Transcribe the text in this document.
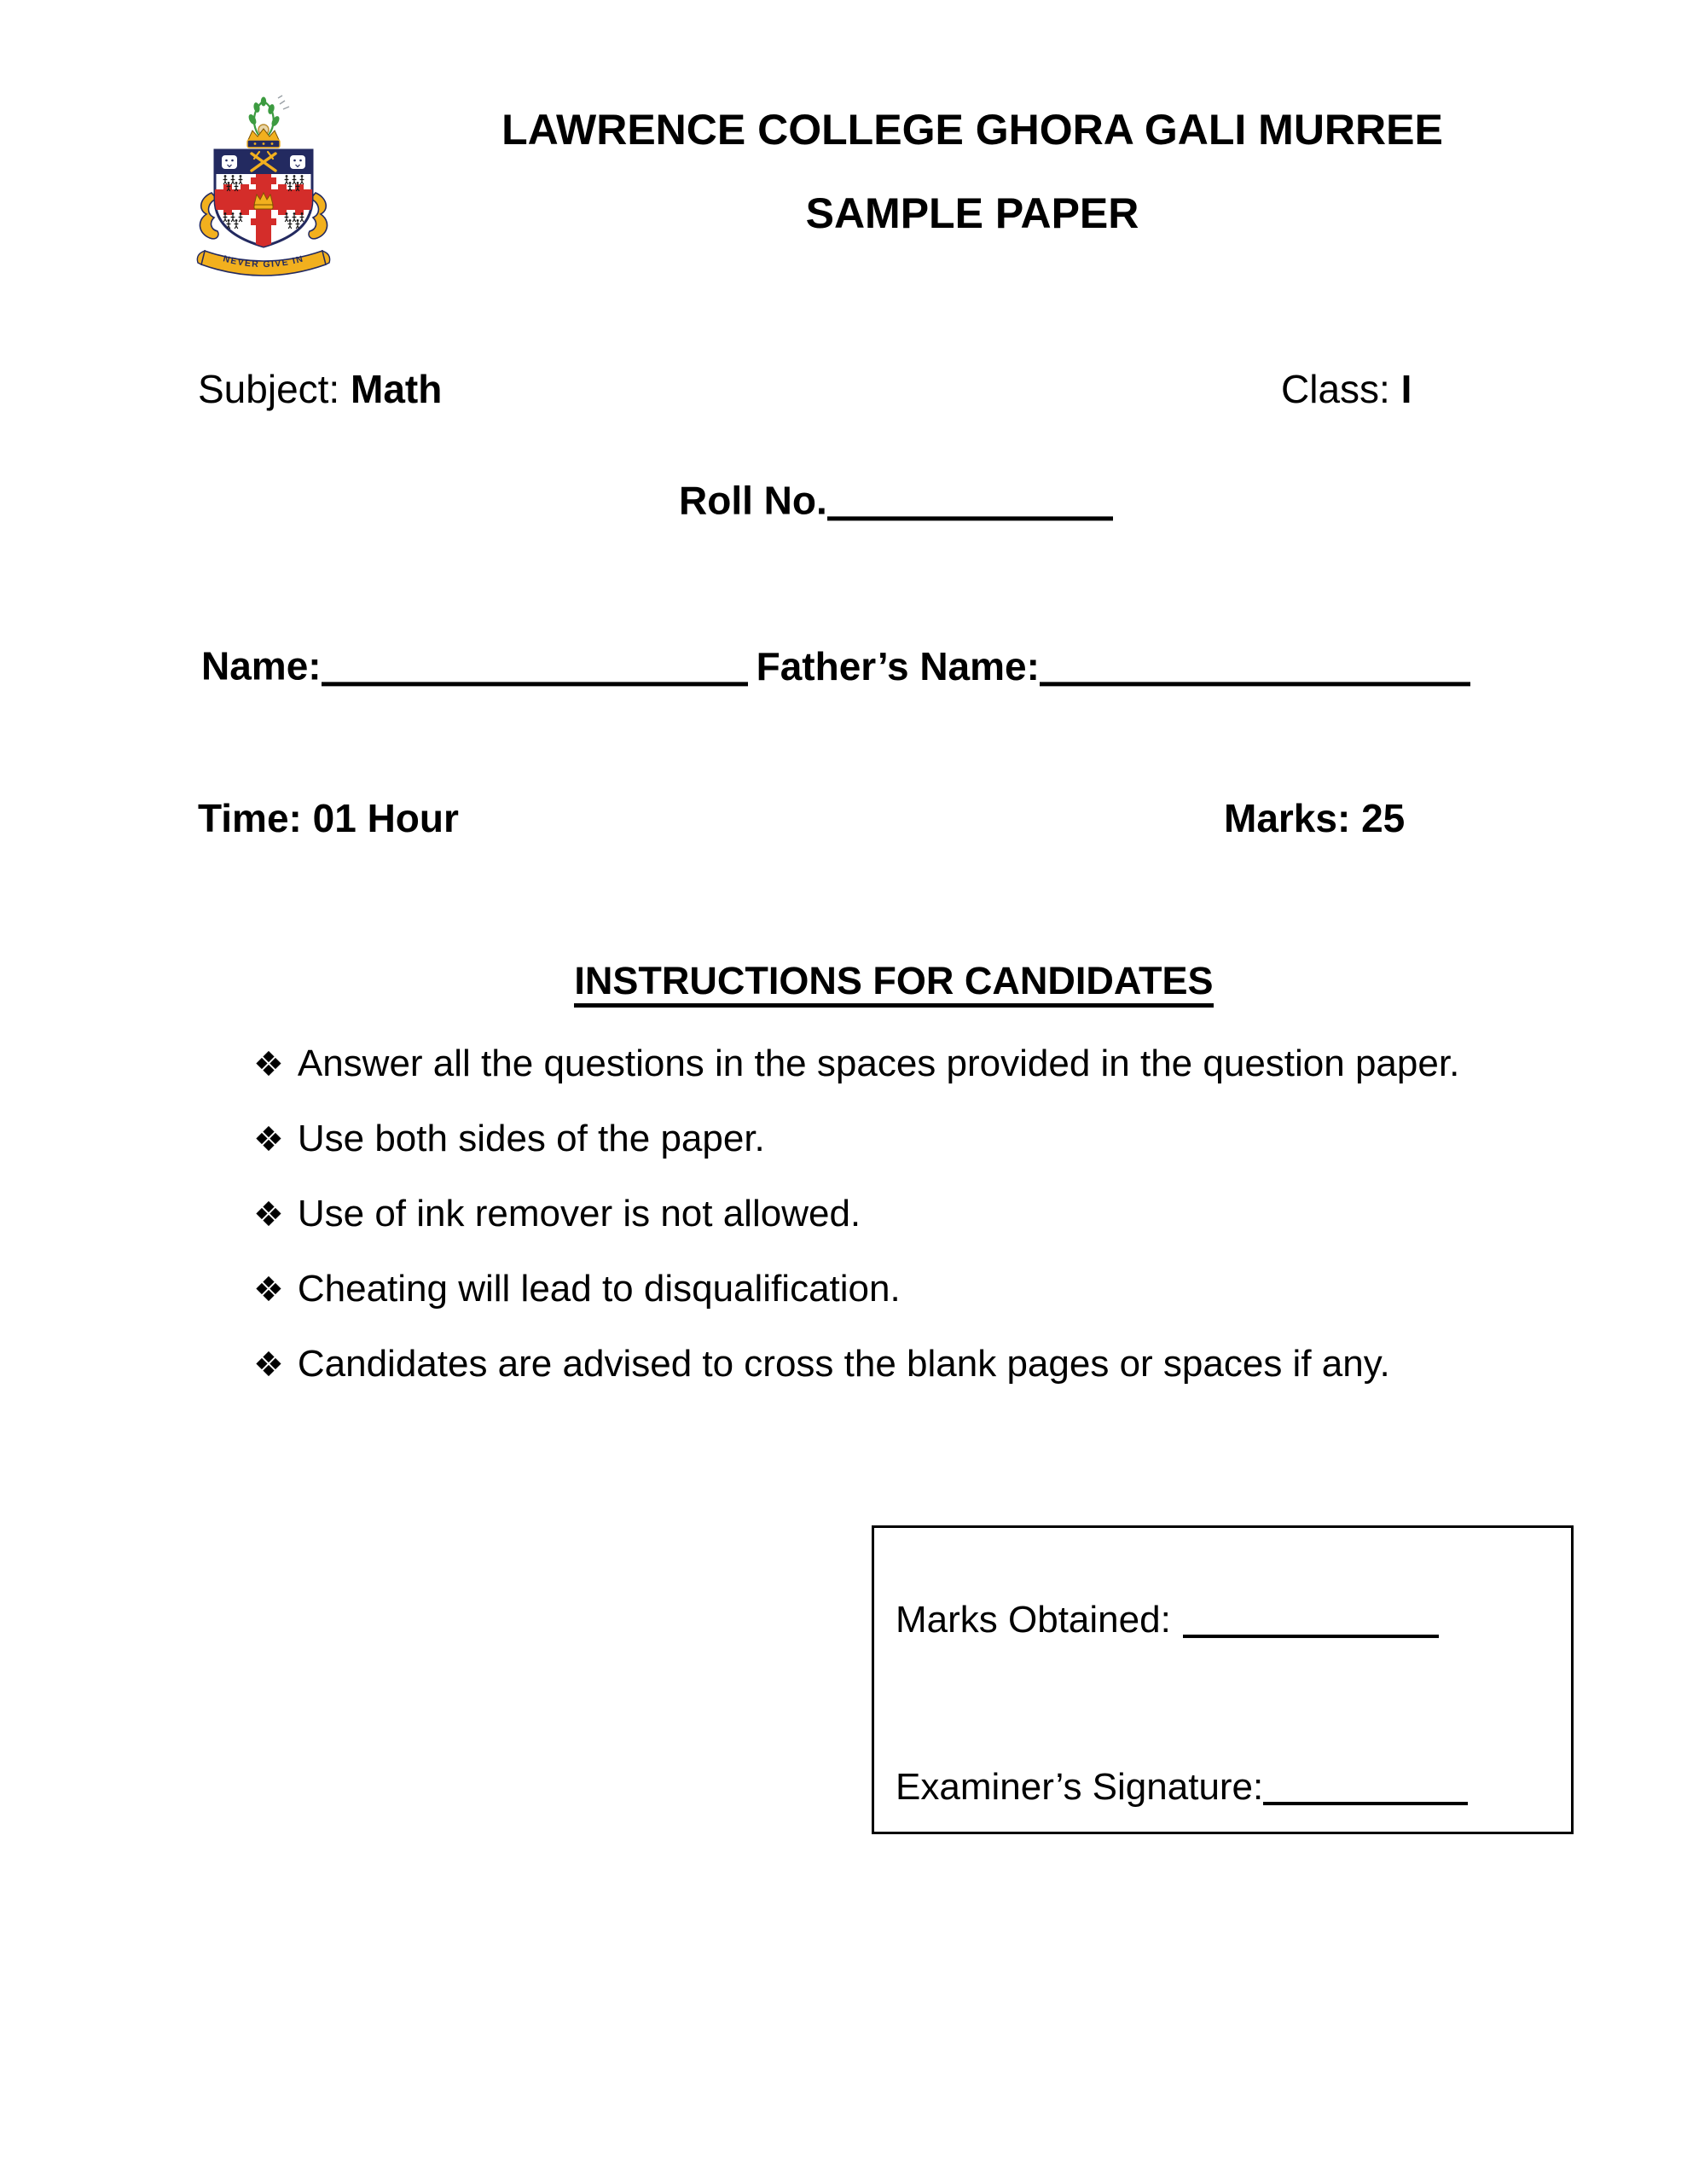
NEVER GIVE IN
LAWRENCE COLLEGE GHORA GALI MURREE
SAMPLE PAPER
Subject: Math	Class: I
Roll No.
Name:	Father’s Name:
Time: 01 Hour	Marks: 25
INSTRUCTIONS FOR CANDIDATES
❖ Answer all the questions in the spaces provided in the question paper.
❖ Use both sides of the paper.
❖ Use of ink remover is not allowed.
❖ Cheating will lead to disqualification.
❖ Candidates are advised to cross the blank pages or spaces if any.
Marks Obtained:
Examiner’s Signature:
